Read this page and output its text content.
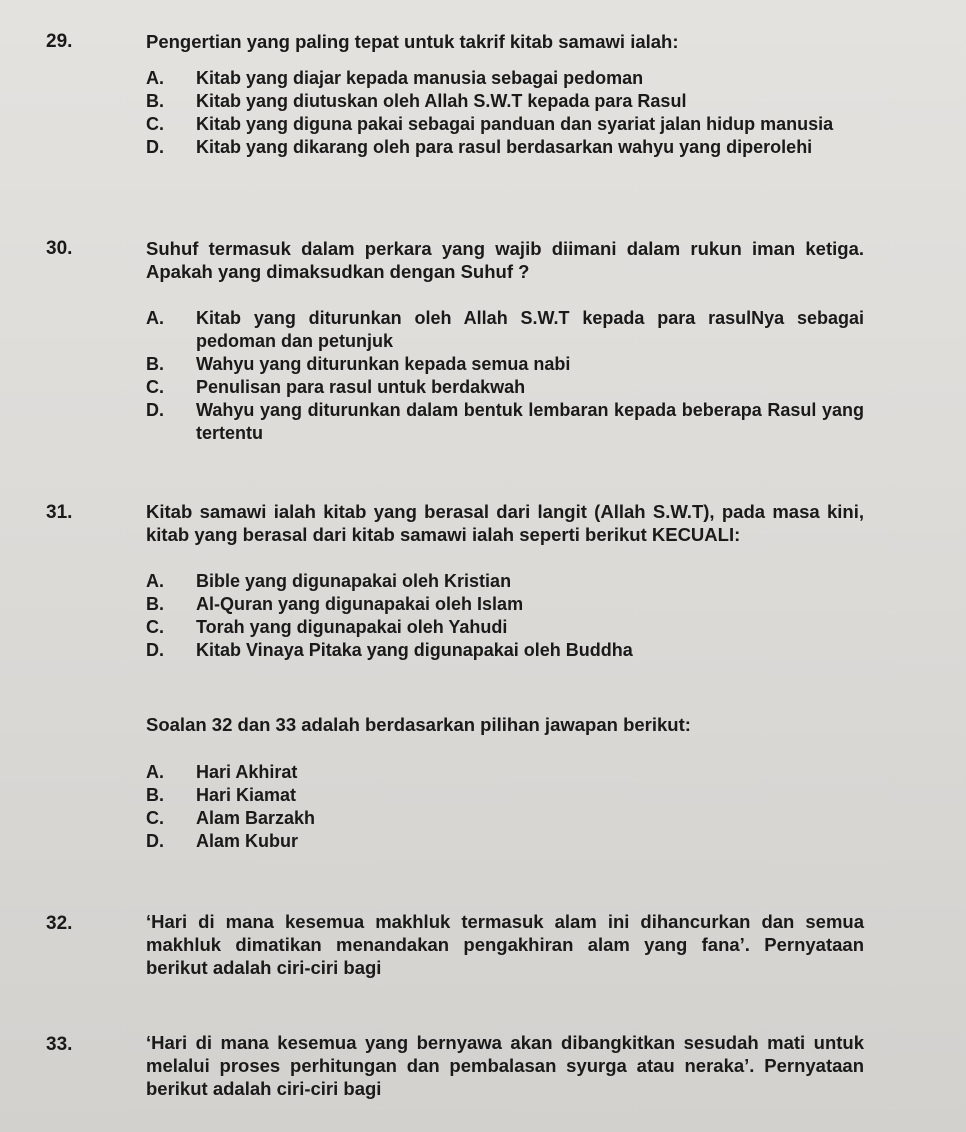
29.	Pengertian yang paling tepat untuk takrif kitab samawi ialah:
A. Kitab yang diajar kepada manusia sebagai pedoman
B. Kitab yang diutuskan oleh Allah S.W.T kepada para Rasul
C. Kitab yang diguna pakai sebagai panduan dan syariat jalan hidup manusia
D. Kitab yang dikarang oleh para rasul berdasarkan wahyu yang diperolehi
30.	Suhuf termasuk dalam perkara yang wajib diimani dalam rukun iman ketiga. Apakah yang dimaksudkan dengan Suhuf ?
A. Kitab yang diturunkan oleh Allah S.W.T kepada para rasulNya sebagai pedoman dan petunjuk
B. Wahyu yang diturunkan kepada semua nabi
C. Penulisan para rasul untuk berdakwah
D. Wahyu yang diturunkan dalam bentuk lembaran kepada beberapa Rasul yang tertentu
31.	Kitab samawi ialah kitab yang berasal dari langit (Allah S.W.T), pada masa kini, kitab yang berasal dari kitab samawi ialah seperti berikut KECUALI:
A. Bible yang digunapakai oleh Kristian
B. Al-Quran yang digunapakai oleh Islam
C. Torah yang digunapakai oleh Yahudi
D. Kitab Vinaya Pitaka yang digunapakai oleh Buddha
Soalan 32 dan 33 adalah berdasarkan pilihan jawapan berikut:
A. Hari Akhirat
B. Hari Kiamat
C. Alam Barzakh
D. Alam Kubur
32.	‘Hari di mana kesemua makhluk termasuk alam ini dihancurkan dan semua makhluk dimatikan menandakan pengakhiran alam yang fana’. Pernyataan berikut adalah ciri-ciri bagi
33.	‘Hari di mana kesemua yang bernyawa akan dibangkitkan sesudah mati untuk melalui proses perhitungan dan pembalasan syurga atau neraka’. Pernyataan berikut adalah ciri-ciri bagi
